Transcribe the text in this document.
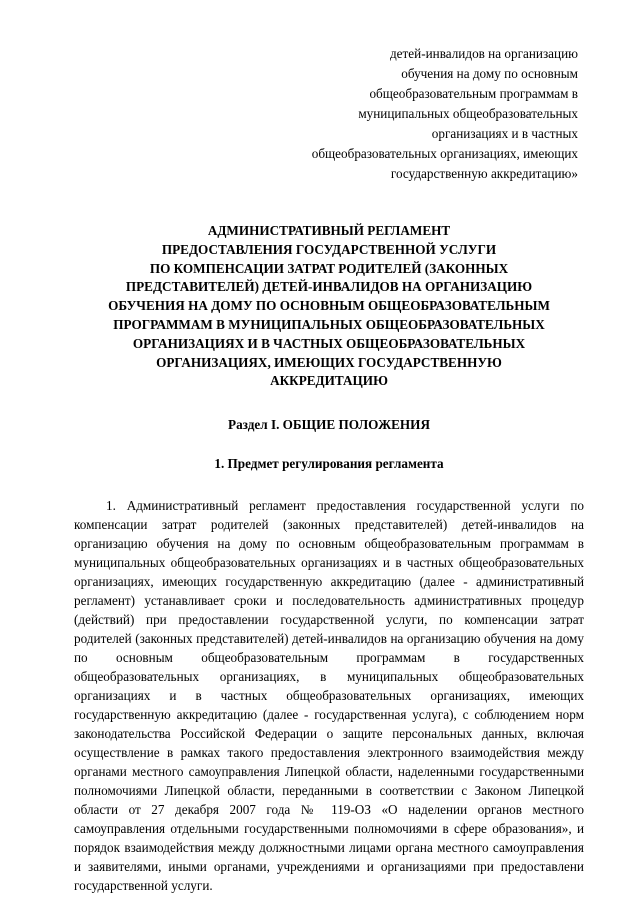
детей-инвалидов на организацию
обучения на дому по основным
общеобразовательным программам в
муниципальных общеобразовательных
организациях и в частных
общеобразовательных организациях, имеющих
государственную аккредитацию»
АДМИНИСТРАТИВНЫЙ РЕГЛАМЕНТ
ПРЕДОСТАВЛЕНИЯ ГОСУДАРСТВЕННОЙ УСЛУГИ
ПО КОМПЕНСАЦИИ ЗАТРАТ РОДИТЕЛЕЙ (ЗАКОННЫХ
ПРЕДСТАВИТЕЛЕЙ) ДЕТЕЙ-ИНВАЛИДОВ НА ОРГАНИЗАЦИЮ
ОБУЧЕНИЯ НА ДОМУ ПО ОСНОВНЫМ ОБЩЕОБРАЗОВАТЕЛЬНЫМ
ПРОГРАММАМ В МУНИЦИПАЛЬНЫХ ОБЩЕОБРАЗОВАТЕЛЬНЫХ
ОРГАНИЗАЦИЯХ И В ЧАСТНЫХ ОБЩЕОБРАЗОВАТЕЛЬНЫХ
ОРГАНИЗАЦИЯХ, ИМЕЮЩИХ ГОСУДАРСТВЕННУЮ
АККРЕДИТАЦИЮ
Раздел I. ОБЩИЕ ПОЛОЖЕНИЯ
1. Предмет регулирования регламента

1. Административный регламент предоставления государственной услуги по компенсации затрат родителей (законных представителей) детей-инвалидов на организацию обучения на дому по основным общеобразовательным программам в муниципальных общеобразовательных организациях и в частных общеобразовательных организациях, имеющих государственную аккредитацию (далее - административный регламент) устанавливает сроки и последовательность административных процедур (действий) при предоставлении государственной услуги, по компенсации затрат родителей (законных представителей) детей-инвалидов на организацию обучения на дому по основным общеобразовательным программам в государственных общеобразовательных организациях, в муниципальных общеобразовательных организациях и в частных общеобразовательных организациях, имеющих государственную аккредитацию (далее - государственная услуга), с соблюдением норм законодательства Российской Федерации о защите персональных данных, включая осуществление в рамках такого предоставления электронного взаимодействия между органами местного самоуправления Липецкой области, наделенными государственными полномочиями Липецкой области, переданными в соответствии с Законом Липецкой области от 27 декабря 2007 года № 119-ОЗ «О наделении органов местного самоуправления отдельными государственными полномочиями в сфере образования», и порядок взаимодействия между должностными лицами органа местного самоуправления и заявителями, иными органами, учреждениями и организациями при предоставлени государственной услуги.
